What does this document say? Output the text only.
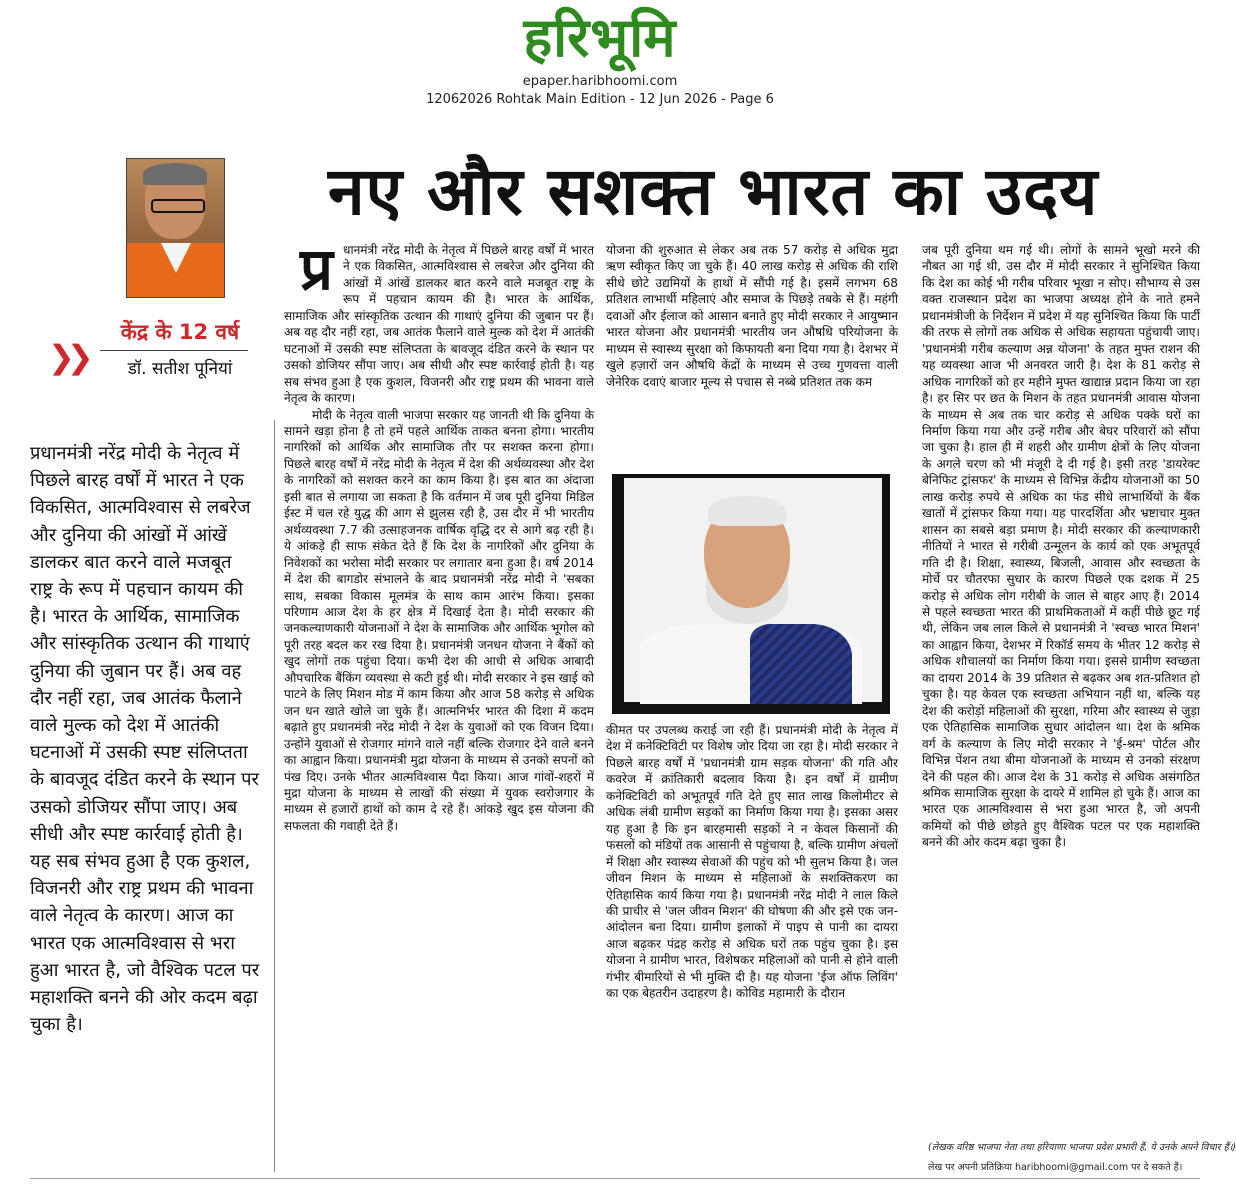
हरिभूमि
epaper.haribhoomi.com
12062026 Rohtak Main Edition - 12 Jun 2026 - Page 6
केंद्र के 12 वर्ष
❯❯	डॉ. सतीश पूनियां
प्रधानमंत्री नरेंद्र मोदी के नेतृत्व में पिछले बारह वर्षों में भारत ने एक विकसित, आत्मविश्वास से लबरेज और दुनिया की आंखों में आंखें डालकर बात करने वाले मजबूत राष्ट्र के रूप में पहचान कायम की है। भारत के आर्थिक, सामाजिक और सांस्कृतिक उत्थान की गाथाएं दुनिया की जुबान पर हैं। अब वह दौर नहीं रहा, जब आतंक फैलाने वाले मुल्क को देश में आतंकी घटनाओं में उसकी स्पष्ट संलिप्तता के बावजूद दंडित करने के स्थान पर उसको डोजियर सौंपा जाए। अब सीधी और स्पष्ट कार्रवाई होती है। यह सब संभव हुआ है एक कुशल, विजनरी और राष्ट्र प्रथम की भावना वाले नेतृत्व के कारण। आज का भारत एक आत्मविश्वास से भरा हुआ भारत है, जो वैश्विक पटल पर महाशक्ति बनने की ओर कदम बढ़ा चुका है।
नए और सशक्त भारत का उदय
प्र धानमंत्री नरेंद्र मोदी के नेतृत्व में पिछले बारह वर्षों में भारत ने एक विकसित, आत्मविश्वास से लबरेज और दुनिया की आंखों में आंखें डालकर बात करने वाले मजबूत राष्ट्र के रूप में पहचान कायम की है। भारत के आर्थिक, सामाजिक और सांस्कृतिक उत्थान की गाथाएं दुनिया की जुबान पर हैं। अब वह दौर नहीं रहा, जब आतंक फैलाने वाले मुल्क को देश में आतंकी घटनाओं में उसकी स्पष्ट संलिप्तता के बावजूद दंडित करने के स्थान पर उसको डोजियर सौंपा जाए। अब सीधी और स्पष्ट कार्रवाई होती है। यह सब संभव हुआ है एक कुशल, विजनरी और राष्ट्र प्रथम की भावना वाले नेतृत्व के कारण।

मोदी के नेतृत्व वाली भाजपा सरकार यह जानती थी कि दुनिया के सामने खड़ा होना है तो हमें पहले आर्थिक ताकत बनना होगा। भारतीय नागरिकों को आर्थिक और सामाजिक तौर पर सशक्त करना होगा। पिछले बारह वर्षों में नरेंद्र मोदी के नेतृत्व में देश की अर्थव्यवस्था और देश के नागरिकों को सशक्त करने का काम किया है। इस बात का अंदाजा इसी बात से लगाया जा सकता है कि वर्तमान में जब पूरी दुनिया मिडिल ईस्ट में चल रहे युद्ध की आग से झुलस रही है, उस दौर में भी भारतीय अर्थव्यवस्था 7.7 की उत्साहजनक वार्षिक वृद्धि दर से आगे बढ़ रही है। ये आंकड़े ही साफ संकेत देते हैं कि देश के नागरिकों और दुनिया के निवेशकों का भरोसा मोदी सरकार पर लगातार बना हुआ है। वर्ष 2014 में देश की बागडोर संभालने के बाद प्रधानमंत्री नरेंद्र मोदी ने 'सबका साथ, सबका विकास मूलमंत्र के साथ काम आरंभ किया। इसका परिणाम आज देश के हर क्षेत्र में दिखाई देता है। मोदी सरकार की जनकल्याणकारी योजनाओं ने देश के सामाजिक और आर्थिक भूगोल को पूरी तरह बदल कर रख दिया है। प्रधानमंत्री जनधन योजना ने बैंकों को खुद लोगों तक पहुंचा दिया। कभी देश की आधी से अधिक आबादी औपचारिक बैंकिंग व्यवस्था से कटी हुई थी। मोदी सरकार ने इस खाई को पाटने के लिए मिशन मोड में काम किया और आज 58 करोड़ से अधिक जन धन खाते खोले जा चुके हैं। आत्मनिर्भर भारत की दिशा में कदम बढ़ाते हुए प्रधानमंत्री नरेंद्र मोदी ने देश के युवाओं को एक विजन दिया। उन्होंने युवाओं से रोजगार मांगने वाले नहीं बल्कि रोजगार देने वाले बनने का आह्वान किया। प्रधानमंत्री मुद्रा योजना के माध्यम से उनको सपनों को पंख दिए। उनके भीतर आत्मविश्वास पैदा किया। आज गांवों-शहरों में मुद्रा योजना के माध्यम से लाखों की संख्या में युवक स्वरोजगार के माध्यम से हजारों हाथों को काम दे रहे हैं। आंकड़े खुद इस योजना की सफलता की गवाही देते हैं।

योजना की शुरुआत से लेकर अब तक 57 करोड़ से अधिक मुद्रा ऋण स्वीकृत किए जा चुके हैं। 40 लाख करोड़ से अधिक की राशि सीधे छोटे उद्यमियों के हाथों में सौंपी गई है। इसमें लगभग 68 प्रतिशत लाभार्थी महिलाएं और समाज के पिछड़े तबके से हैं। महंगी दवाओं और ईलाज को आसान बनाते हुए मोदी सरकार ने आयुष्मान भारत योजना और प्रधानमंत्री भारतीय जन औषधि परियोजना के माध्यम से स्वास्थ्य सुरक्षा को किफायती बना दिया गया है। देशभर में खुले हज़ारों जन औषधि केंद्रों के माध्यम से उच्च गुणवत्ता वाली जेनेरिक दवाएं बाजार मूल्य से पचास से नब्बे प्रतिशत तक कम

कीमत पर उपलब्ध कराई जा रही हैं। प्रधानमंत्री मोदी के नेतृत्व में देश में कनेक्टिविटी पर विशेष जोर दिया जा रहा है। मोदी सरकार ने पिछले बारह वर्षों में 'प्रधानमंत्री ग्राम सड़क योजना' की गति और कवरेज में क्रांतिकारी बदलाव किया है। इन वर्षों में ग्रामीण कनेक्टिविटी को अभूतपूर्व गति देते हुए सात लाख किलोमीटर से अधिक लंबी ग्रामीण सड़कों का निर्माण किया गया है। इसका असर यह हुआ है कि इन बारहमासी सड़कों ने न केवल किसानों की फसलों को मंडियों तक आसानी से पहुंचाया है, बल्कि ग्रामीण अंचलों में शिक्षा और स्वास्थ्य सेवाओं की पहुंच को भी सुलभ किया है। जल जीवन मिशन के माध्यम से महिलाओं के सशक्तिकरण का ऐतिहासिक कार्य किया गया है। प्रधानमंत्री नरेंद्र मोदी ने लाल किले की प्राचीर से 'जल जीवन मिशन' की घोषणा की और इसे एक जन-आंदोलन बना दिया। ग्रामीण इलाकों में पाइप से पानी का दायरा आज बढ़कर पंद्रह करोड़ से अधिक घरों तक पहुंच चुका है। इस योजना ने ग्रामीण भारत, विशेषकर महिलाओं को पानी से होने वाली गंभीर बीमारियों से भी मुक्ति दी है। यह योजना 'ईज ऑफ लिविंग' का एक बेहतरीन उदाहरण है। कोविड महामारी के दौरान

जब पूरी दुनिया थम गई थी। लोगों के सामने भूखो मरने की नौबत आ गई थी, उस दौर में मोदी सरकार ने सुनिश्चित किया कि देश का कोई भी गरीब परिवार भूखा न सोए। सौभाग्य से उस वक्त राजस्थान प्रदेश का भाजपा अध्यक्ष होने के नाते हमने प्रधानमंत्रीजी के निर्देशन में प्रदेश में यह सुनिश्चित किया कि पार्टी की तरफ से लोगों तक अधिक से अधिक सहायता पहुंचायी जाए। 'प्रधानमंत्री गरीब कल्याण अन्न योजना' के तहत मुफ्त राशन की यह व्यवस्था आज भी अनवरत जारी है। देश के 81 करोड़ से अधिक नागरिकों को हर महीने मुफ्त खाद्यान्न प्रदान किया जा रहा है। हर सिर पर छत के मिशन के तहत प्रधानमंत्री आवास योजना के माध्यम से अब तक चार करोड़ से अधिक पक्के घरों का निर्माण किया गया और उन्हें गरीब और बेघर परिवारों को सौंपा जा चुका है। हाल ही में शहरी और ग्रामीण क्षेत्रों के लिए योजना के अगले चरण को भी मंजूरी दे दी गई है। इसी तरह 'डायरेक्ट बेनिफिट ट्रांसफर' के माध्यम से विभिन्न केंद्रीय योजनाओं का 50 लाख करोड़ रुपये से अधिक का फंड सीधे लाभार्थियों के बैंक खातों में ट्रांसफर किया गया। यह पारदर्शिता और भ्रष्टाचार मुक्त शासन का सबसे बड़ा प्रमाण है। मोदी सरकार की कल्याणकारी नीतियों ने भारत से गरीबी उन्मूलन के कार्य को एक अभूतपूर्व गति दी है। शिक्षा, स्वास्थ्य, बिजली, आवास और स्वच्छता के मोर्चे पर चौतरफा सुधार के कारण पिछले एक दशक में 25 करोड़ से अधिक लोग गरीबी के जाल से बाहर आए हैं। 2014 से पहले स्वच्छता भारत की प्राथमिकताओं में कहीं पीछे छूट गई थी, लेकिन जब लाल किले से प्रधानमंत्री ने 'स्वच्छ भारत मिशन' का आह्वान किया, देशभर में रिकॉर्ड समय के भीतर 12 करोड़ से अधिक शौचालयों का निर्माण किया गया। इससे ग्रामीण स्वच्छता का दायरा 2014 के 39 प्रतिशत से बढ़कर अब शत-प्रतिशत हो चुका है। यह केवल एक स्वच्छता अभियान नहीं था, बल्कि यह देश की करोड़ों महिलाओं की सुरक्षा, गरिमा और स्वास्थ्य से जुड़ा एक ऐतिहासिक सामाजिक सुधार आंदोलन था। देश के श्रमिक वर्ग के कल्याण के लिए मोदी सरकार ने 'ई-श्रम' पोर्टल और विभिन्न पेंशन तथा बीमा योजनाओं के माध्यम से उनको संरक्षण देने की पहल की। आज देश के 31 करोड़ से अधिक असंगठित श्रमिक सामाजिक सुरक्षा के दायरे में शामिल हो चुके हैं। आज का भारत एक आत्मविश्वास से भरा हुआ भारत है, जो अपनी कमियों को पीछे छोड़ते हुए वैश्विक पटल पर एक महाशक्ति बनने की ओर कदम बढ़ा चुका है।

(लेखक वरिष्ठ भाजपा नेता तथा हरियाणा भाजपा प्रदेश प्रभारी हैं, ये उनके अपने विचार हैं।)
लेख पर अपनी प्रतिक्रिया haribhoomi@gmail.com पर दे सकते हैं।
